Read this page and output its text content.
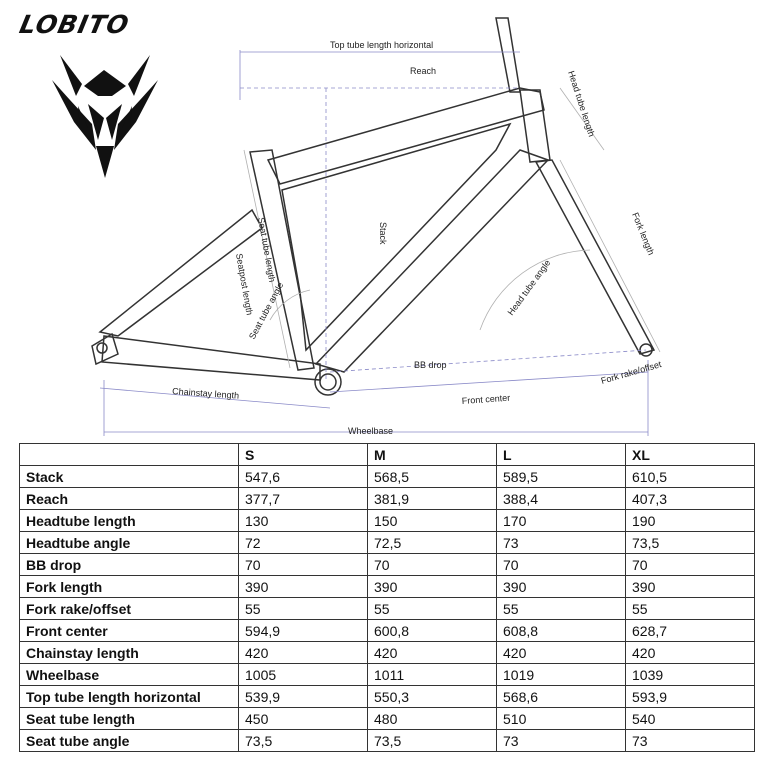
LOBITO
Top tube length horizontal
Reach	Head tube length
Stack
Seat tube length
Seatpost length
Seat tube angle	Head tube angle
Fork length
BB drop	Fork rake/offset
Chainstay length	Front center
Wheelbase
	S	M	L	XL
Stack	547,6	568,5	589,5	610,5
Reach	377,7	381,9	388,4	407,3
Headtube length	130	150	170	190
Headtube angle	72	72,5	73	73,5
BB drop	70	70	70	70
Fork length	390	390	390	390
Fork rake/offset	55	55	55	55
Front center	594,9	600,8	608,8	628,7
Chainstay length	420	420	420	420
Wheelbase	1005	1011	1019	1039
Top tube length horizontal	539,9	550,3	568,6	593,9
Seat tube length	450	480	510	540
Seat tube angle	73,5	73,5	73	73
